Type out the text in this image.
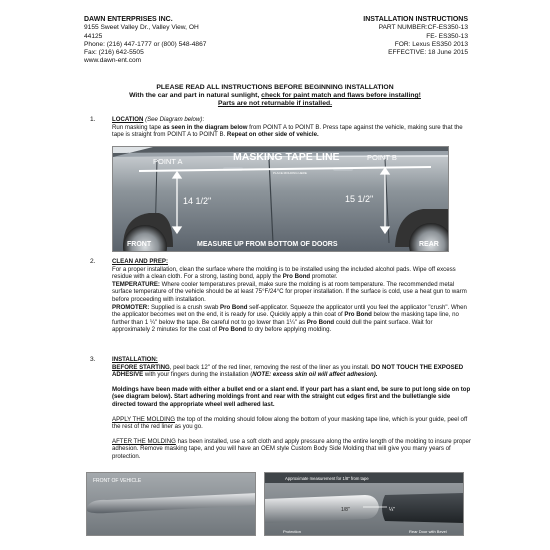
DAWN ENTERPRISES INC.
9155 Sweet Valley Dr., Valley View, OH
44125
Phone: (216) 447-1777 or (800) 548-4867
Fax: (216) 642-5505
www.dawn-ent.com
INSTALLATION INSTRUCTIONS
PART NUMBER:CF-ES350-13
FE- ES350-13
FOR: Lexus ES350 2013
EFFECTIVE: 18 June 2015
PLEASE READ ALL INSTRUCTIONS BEFORE BEGINNING INSTALLATION
With the car and part in natural sunlight, check for paint match and flaws before installing!
Parts are not returnable if installed.
1.	LOCATION (See Diagram below):

Run masking tape as seen in the diagram below from POINT A to POINT B. Press tape against the vehicle, making sure that the tape is straight from POINT A to POINT B. Repeat on other side of vehicle.

POINT A	MASKING TAPE LINE	POINT B
PLACE MOLDING HERE
14 1/2"	15 1/2"
FRONT	MEASURE UP FROM BOTTOM OF DOORS	REAR
2.	CLEAN AND PREP:

For a proper installation, clean the surface where the molding is to be installed using the included alcohol pads. Wipe off excess residue with a clean cloth. For a strong, lasting bond, apply the Pro Bond promoter.

TEMPERATURE: Where cooler temperatures prevail, make sure the molding is at room temperature. The recommended metal surface temperature of the vehicle should be at least 75°F/24°C for proper installation. If the surface is cold, use a heat gun to warm before proceeding with installation.

PROMOTER: Supplied is a crush swab Pro Bond self-applicator. Squeeze the applicator until you feel the applicator "crush". When the applicator becomes wet on the end, it is ready for use. Quickly apply a thin coat of Pro Bond below the masking tape line, no further than 1 ¼" below the tape. Be careful not to go lower than 1¼" as Pro Bond could dull the paint surface. Wait for approximately 2 minutes for the coat of Pro Bond to dry before applying molding.

3.	INSTALLATION:

BEFORE STARTING, peel back 12" of the red liner, removing the rest of the liner as you install. DO NOT TOUCH THE EXPOSED ADHESIVE with your fingers during the installation (NOTE: excess skin oil will affect adhesion).

Moldings have been made with either a bullet end or a slant end. If your part has a slant end, be sure to put long side on top (see diagram below). Start adhering moldings front and rear with the straight cut edges first and the bullet/angle side directed toward the appropriate wheel well adhered last.

APPLY THE MOLDING the top of the molding should follow along the bottom of your masking tape line, which is your guide, peel off the rest of the red liner as you go.

AFTER THE MOLDING has been installed, use a soft cloth and apply pressure along the entire length of the molding to insure proper adhesion. Remove masking tape, and you will have an OEM style Custom Body Side Molding that will give you many years of protection.

FRONT OF VEHICLE	Approximate measurement for 1/8" from tape
1/8"	¼"
Protection	Rear Door with Bevel
